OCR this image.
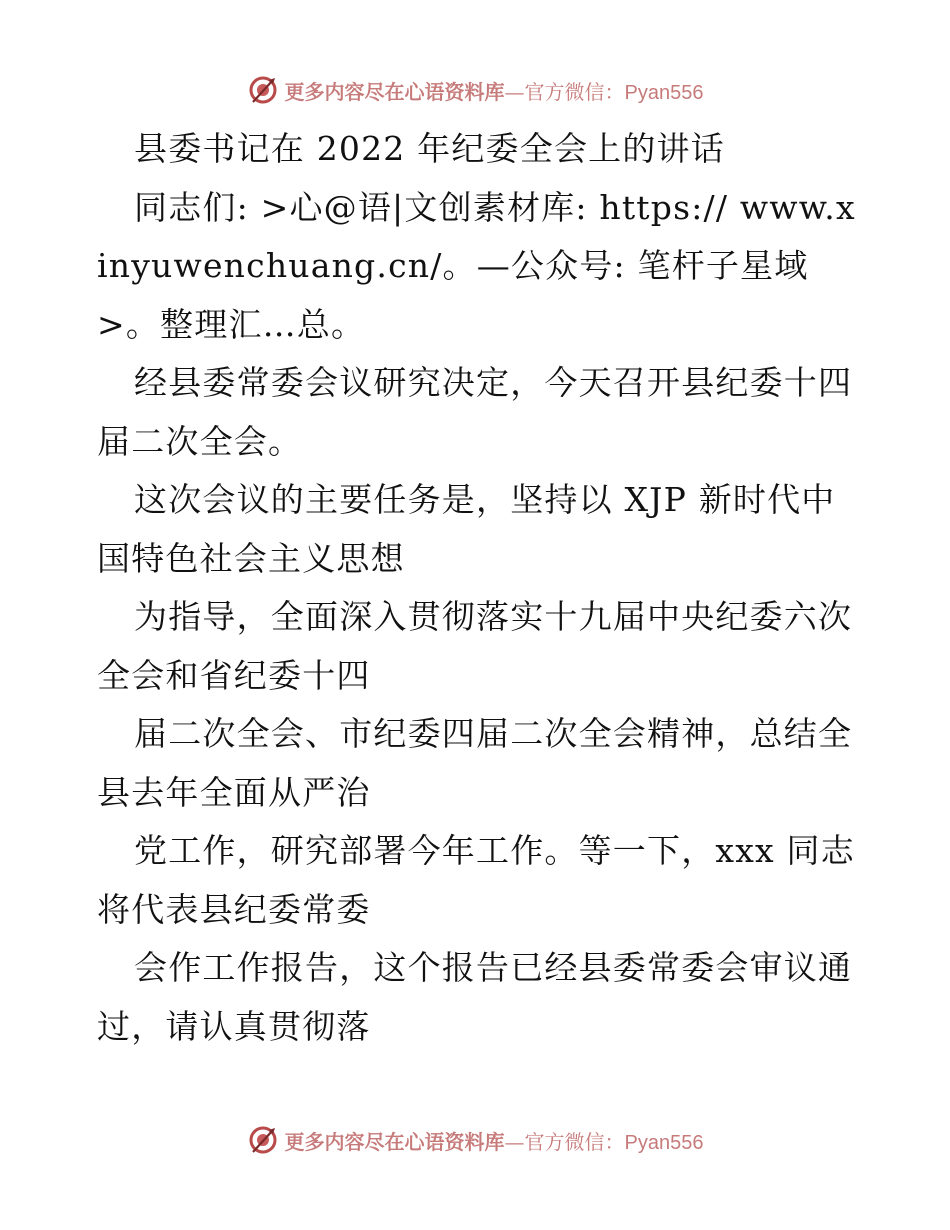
更多内容尽在心语资料库—官方微信：Pyan556

县委书记在 2022 年纪委全会上的讲话

同志们: >心@语|文创素材库: https:// www.xinyuwenchuang.cn/。—公众号: 笔杆子星域 >。整理汇…总。

经县委常委会议研究决定，今天召开县纪委十四届二次全会。

这次会议的主要任务是，坚持以 XJP 新时代中国特色社会主义思想

为指导，全面深入贯彻落实十九届中央纪委六次全会和省纪委十四

届二次全会、市纪委四届二次全会精神，总结全县去年全面从严治

党工作，研究部署今年工作。等一下，xxx 同志将代表县纪委常委

会作工作报告，这个报告已经县委常委会审议通过，请认真贯彻落

更多内容尽在心语资料库—官方微信：Pyan556
